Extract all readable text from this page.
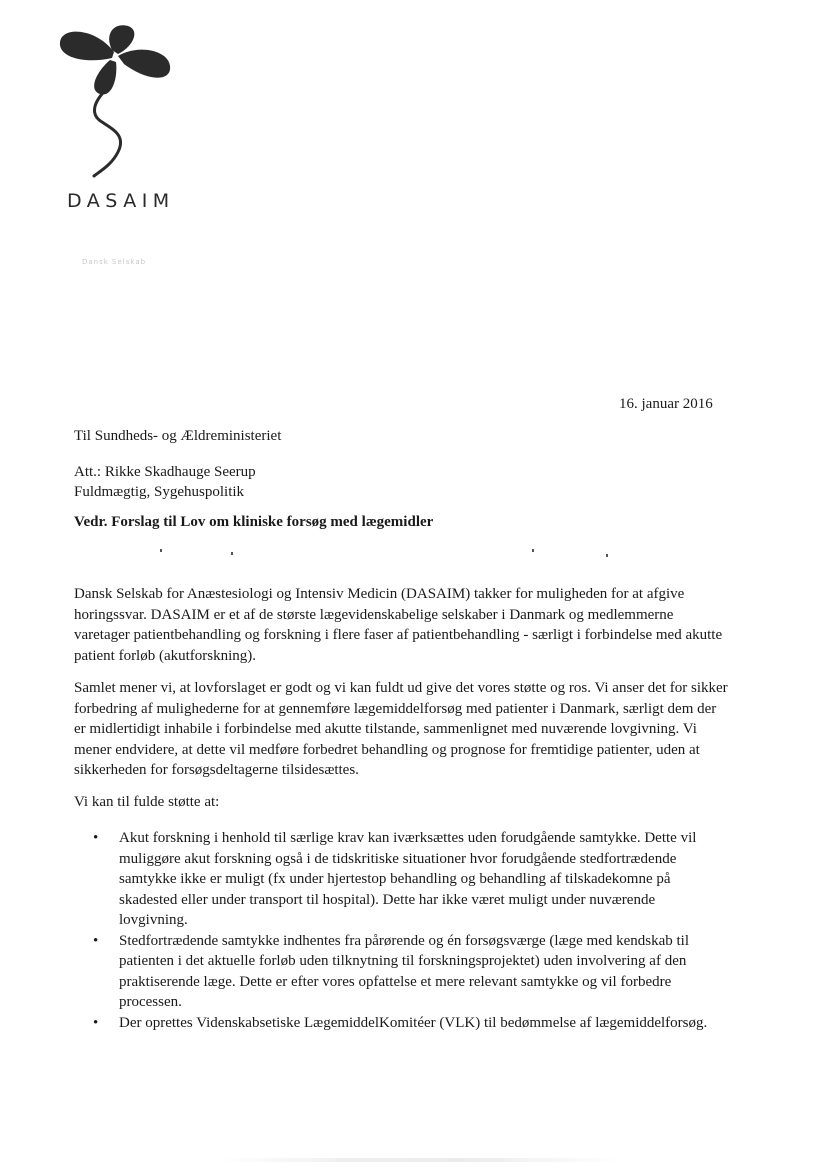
DASAIM
Dansk Selskab
16. januar 2016
Til Sundheds- og Ældreministeriet
Att.: Rikke Skadhauge Seerup
Fuldmægtig, Sygehuspolitik
Vedr. Forslag til Lov om kliniske forsøg med lægemidler

Dansk Selskab for Anæstesiologi og Intensiv Medicin (DASAIM) takker for muligheden for at afgive
horingssvar. DASAIM er et af de største lægevidenskabelige selskaber i Danmark og medlemmerne
varetager patientbehandling og forskning i flere faser af patientbehandling - særligt i forbindelse med akutte
patient forløb (akutforskning).

Samlet mener vi, at lovforslaget er godt og vi kan fuldt ud give det vores støtte og ros. Vi anser det for sikker
forbedring af mulighederne for at gennemføre lægemiddelforsøg med patienter i Danmark, særligt dem der
er midlertidigt inhabile i forbindelse med akutte tilstande, sammenlignet med nuværende lovgivning. Vi
mener endvidere, at dette vil medføre forbedret behandling og prognose for fremtidige patienter, uden at
sikkerheden for forsøgsdeltagerne tilsidesættes.

Vi kan til fulde støtte at:

• Akut forskning i henhold til særlige krav kan iværksættes uden forudgående samtykke. Dette vil
muliggøre akut forskning også i de tidskritiske situationer hvor forudgående stedfortrædende
samtykke ikke er muligt (fx under hjertestop behandling og behandling af tilskadekomne på
skadested eller under transport til hospital). Dette har ikke været muligt under nuværende
lovgivning.
• Stedfortrædende samtykke indhentes fra pårørende og én forsøgsværge (læge med kendskab til
patienten i det aktuelle forløb uden tilknytning til forskningsprojektet) uden involvering af den
praktiserende læge. Dette er efter vores opfattelse et mere relevant samtykke og vil forbedre
processen.
• Der oprettes Videnskabsetiske LægemiddelKomitéer (VLK) til bedømmelse af lægemiddelforsøg.
